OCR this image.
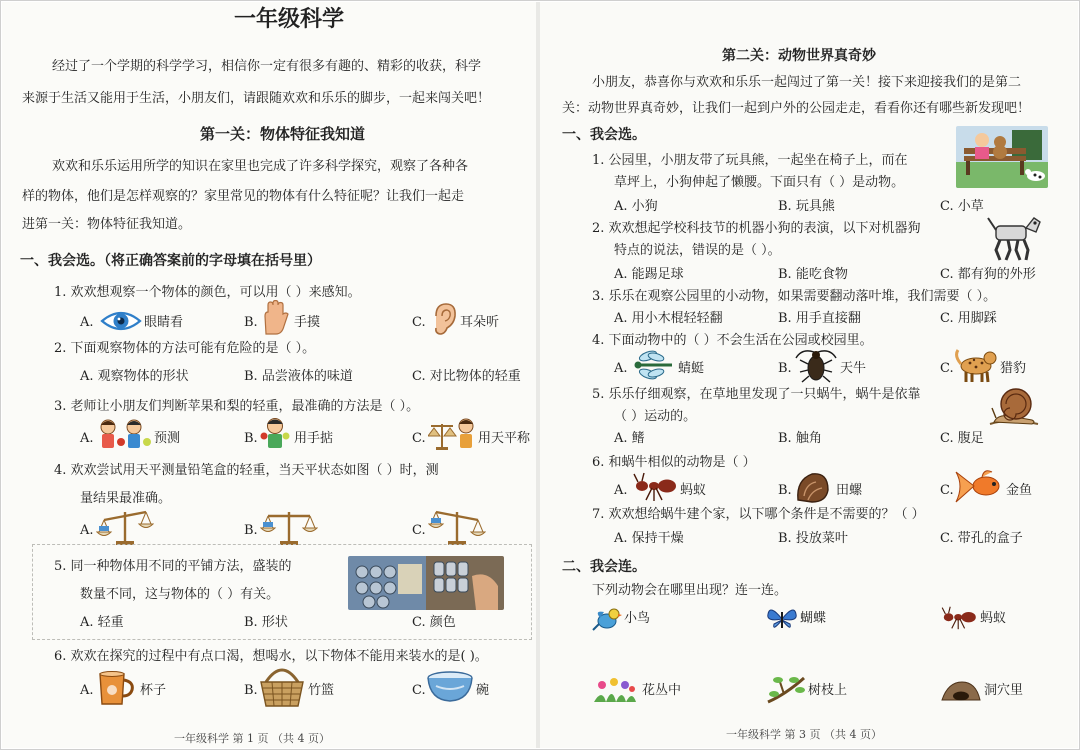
一年级科学
经过了一个学期的科学学习，相信你一定有很多有趣的、精彩的收获，科学
来源于生活又能用于生活，小朋友们，请跟随欢欢和乐乐的脚步，一起来闯关吧！
第一关：物体特征我知道
欢欢和乐乐运用所学的知识在家里也完成了许多科学探究，观察了各种各
样的物体，他们是怎样观察的？家里常见的物体有什么特征呢？让我们一起走
进第一关：物体特征我知道。
一、我会选。（将正确答案前的字母填在括号里）
1. 欢欢想观察一个物体的颜色，可以用（ ）来感知。
A.	眼睛看	B.	手摸	C.	耳朵听
2. 下面观察物体的方法可能有危险的是（ ）。
A. 观察物体的形状	B. 品尝液体的味道	C. 对比物体的轻重
3. 老师让小朋友们判断苹果和梨的轻重，最准确的方法是（ ）。
A.	预测	B.	用手掂	C.	用天平称
4. 欢欢尝试用天平测量铅笔盒的轻重，当天平状态如图（ ）时，测
量结果最准确。
A.	B.	C.
5. 同一种物体用不同的平铺方法，盛装的
数量不同，这与物体的（ ）有关。
A. 轻重	B. 形状	C. 颜色
6. 欢欢在探究的过程中有点口渴，想喝水，以下物体不能用来装水的是( )。
A.	杯子	B.	竹篮	C.	碗
一年级科学 第 1 页 （共 4 页）
第二关：动物世界真奇妙
小朋友，恭喜你与欢欢和乐乐一起闯过了第一关！接下来迎接我们的是第二
关：动物世界真奇妙，让我们一起到户外的公园走走，看看你还有哪些新发现吧！
一、我会选。
1. 公园里，小朋友带了玩具熊，一起坐在椅子上，而在
草坪上，小狗伸起了懒腰。下面只有（ ）是动物。
A. 小狗	B. 玩具熊	C. 小草
2. 欢欢想起学校科技节的机器小狗的表演，以下对机器狗
特点的说法，错误的是（ ）。
A. 能踢足球	B. 能吃食物	C. 都有狗的外形
3. 乐乐在观察公园里的小动物，如果需要翻动落叶堆，我们需要（ ）。
A. 用小木棍轻轻翻	B. 用手直接翻	C. 用脚踩
4. 下面动物中的（ ）不会生活在公园或校园里。
A.	蜻蜓	B.	天牛	C.	猎豹
5. 乐乐仔细观察，在草地里发现了一只蜗牛，蜗牛是依靠
（ ）运动的。
A. 鳍	B. 触角	C. 腹足
6. 和蜗牛相似的动物是（ ）
A.	蚂蚁	B.	田螺	C.	金鱼
7. 欢欢想给蜗牛建个家，以下哪个条件是不需要的？（ ）
A. 保持干燥	B. 投放菜叶	C. 带孔的盒子
二、我会连。
下列动物会在哪里出现？连一连。
小鸟	蝴蝶	蚂蚁
花丛中	树枝上	洞穴里
一年级科学 第 3 页 （共 4 页）
